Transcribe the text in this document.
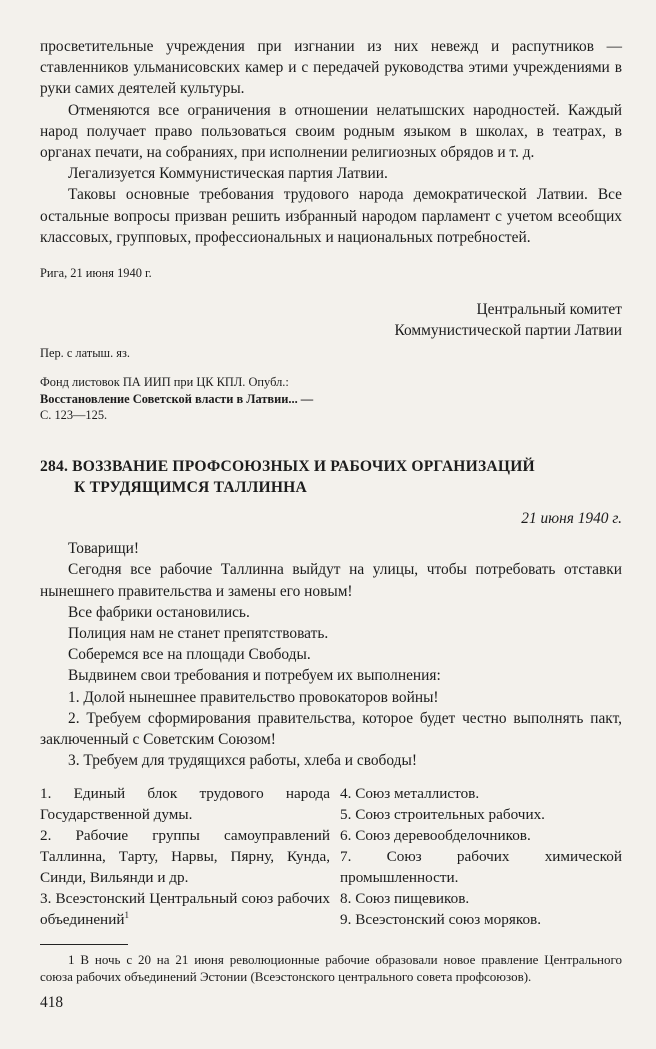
просветительные учреждения при изгнании из них невежд и распутников — ставленников ульманисовских камер и с передачей руководства этими учреждениями в руки самих деятелей культуры.

Отменяются все ограничения в отношении нелатышских народностей. Каждый народ получает право пользоваться своим родным языком в школах, в театрах, в органах печати, на собраниях, при исполнении религиозных обрядов и т. д.

Легализуется Коммунистическая партия Латвии.

Таковы основные требования трудового народа демократической Латвии. Все остальные вопросы призван решить избранный народом парламент с учетом всеобщих классовых, групповых, профессиональных и национальных потребностей.

Рига, 21 июня 1940 г.

Центральный комитет

Коммунистической партии Латвии

Пер. с латыш. яз.

Фонд листовок ПА ИИП при ЦК КПЛ. Опубл.:

Восстановление Советской власти в Латвии... —

С. 123—125.

284. ВОЗЗВАНИЕ ПРОФСОЮЗНЫХ И РАБОЧИХ ОРГАНИЗАЦИЙ
К ТРУДЯЩИМСЯ ТАЛЛИННА

21 июня 1940 г.

Товарищи!

Сегодня все рабочие Таллинна выйдут на улицы, чтобы потребовать отставки нынешнего правительства и замены его новым!

Все фабрики остановились.

Полиция нам не станет препятствовать.

Соберемся все на площади Свободы.

Выдвинем свои требования и потребуем их выполнения:

1. Долой нынешнее правительство провокаторов войны!

2. Требуем сформирования правительства, которое будет честно выполнять пакт, заключенный с Советским Союзом!

3. Требуем для трудящихся работы, хлеба и свободы!

1. Единый блок трудового народа Государственной думы.

2. Рабочие группы самоуправлений Таллинна, Тарту, Нарвы, Пярну, Кунда, Синди, Вильянди и др.

3. Всеэстонский Центральный союз рабочих объединений$^1$

4. Союз металлистов.

5. Союз строительных рабочих.

6. Союз деревообделочников.

7. Союз рабочих химической промышленности.

8. Союз пищевиков.

9. Всеэстонский союз моряков.

1 В ночь с 20 на 21 июня революционные рабочие образовали новое правление Центрального союза рабочих объединений Эстонии (Всеэстонского центрального совета профсоюзов).

418
